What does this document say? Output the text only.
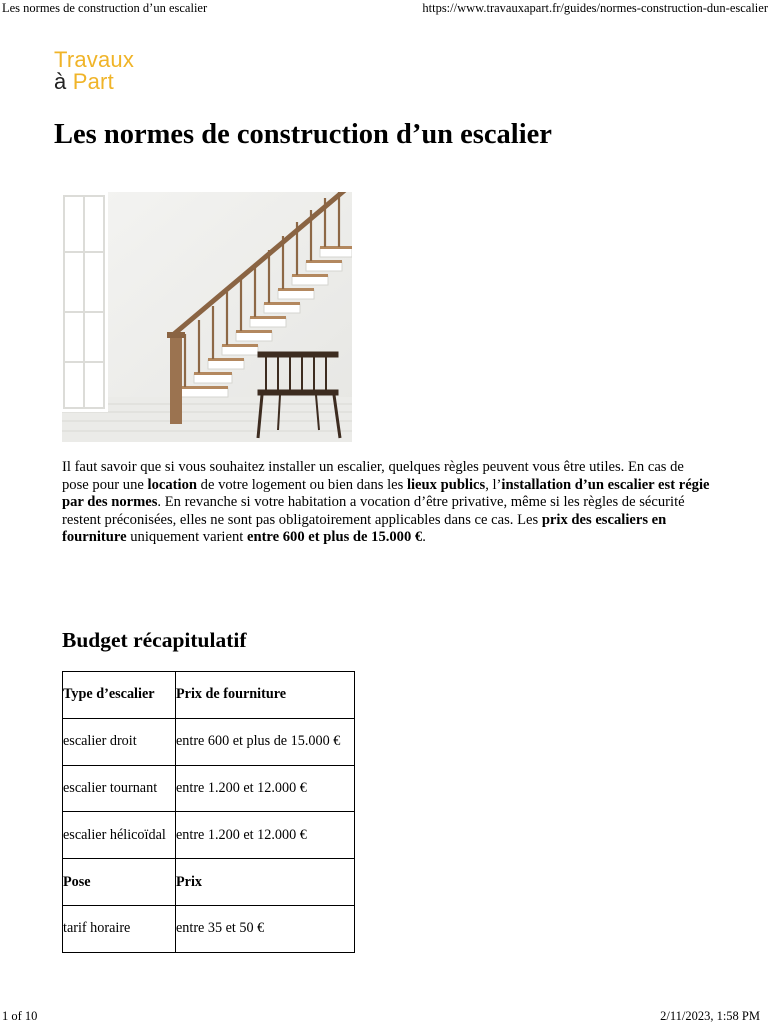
Les normes de construction d’un escalier	https://www.travauxapart.fr/guides/normes-construction-dun-escalier
Travaux
à Part
Les normes de construction d’un escalier

Il faut savoir que si vous souhaitez installer un escalier, quelques règles peuvent vous être utiles. En cas de pose pour une location de votre logement ou bien dans les lieux publics, l’installation d’un escalier est régie par des normes. En revanche si votre habitation a vocation d’être privative, même si les règles de sécurité restent préconisées, elles ne sont pas obligatoirement applicables dans ce cas. Les prix des escaliers en fourniture uniquement varient entre 600 et plus de 15.000 €.

Budget récapitulatif
Type d’escalier	Prix de fourniture
escalier droit	entre 600 et plus de 15.000 €
escalier tournant	entre 1.200 et 12.000 €
escalier hélicoïdal	entre 1.200 et 12.000 €
Pose	Prix
tarif horaire	entre 35 et 50 €
1 of 10	2/11/2023, 1:58 PM
